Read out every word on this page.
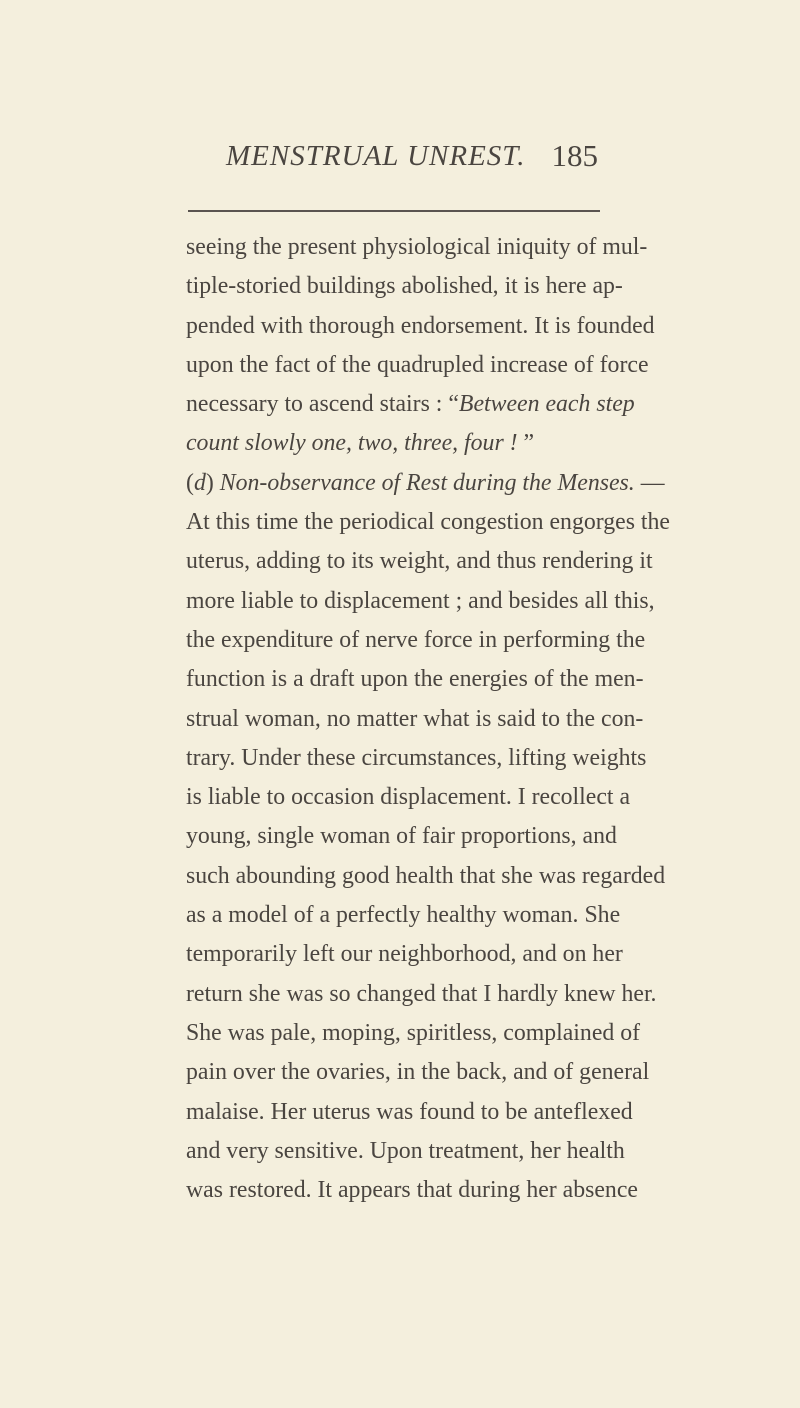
MENSTRUAL UNREST. 185
seeing the present physiological iniquity of mul-
tiple-storied buildings abolished, it is here ap-
pended with thorough endorsement. It is founded
upon the fact of the quadrupled increase of force
necessary to ascend stairs : “ Between each step
count slowly one, two, three, four ! ”
( d ) Non-observance of Rest during the Menses. —
At this time the periodical congestion engorges the
uterus, adding to its weight, and thus rendering it
more liable to displacement ; and besides all this,
the expenditure of nerve force in performing the
function is a draft upon the energies of the men-
strual woman, no matter what is said to the con-
trary. Under these circumstances, lifting weights
is liable to occasion displacement. I recollect a
young, single woman of fair proportions, and
such abounding good health that she was regarded
as a model of a perfectly healthy woman. She
temporarily left our neighborhood, and on her
return she was so changed that I hardly knew her.
She was pale, moping, spiritless, complained of
pain over the ovaries, in the back, and of general
malaise. Her uterus was found to be anteflexed
and very sensitive. Upon treatment, her health
was restored. It appears that during her absence
